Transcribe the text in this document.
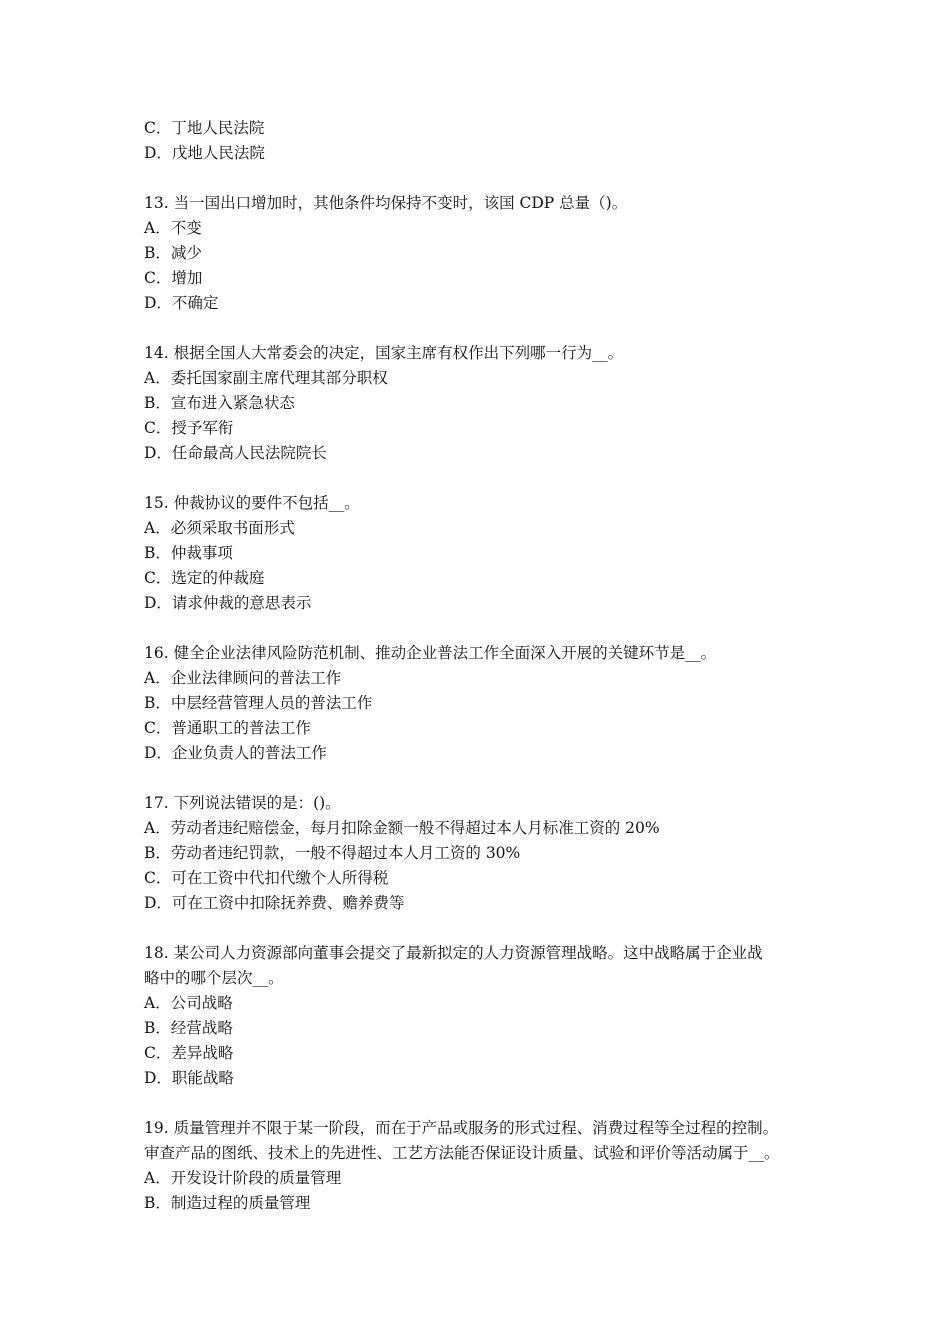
C．丁地人民法院
D．戊地人民法院
13. 当一国出口增加时，其他条件均保持不变时，该国 CDP 总量（)。
A．不变
B．减少
C．增加
D．不确定
14. 根据全国人大常委会的决定，国家主席有权作出下列哪一行为__。
A．委托国家副主席代理其部分职权
B．宣布进入紧急状态
C．授予军衔
D．任命最高人民法院院长
15. 仲裁协议的要件不包括__。
A．必须采取书面形式
B．仲裁事项
C．选定的仲裁庭
D．请求仲裁的意思表示
16. 健全企业法律风险防范机制、推动企业普法工作全面深入开展的关键环节是__。
A．企业法律顾问的普法工作
B．中层经营管理人员的普法工作
C．普通职工的普法工作
D．企业负责人的普法工作
17. 下列说法错误的是：()。
A．劳动者违纪赔偿金，每月扣除金额一般不得超过本人月标准工资的 20%
B．劳动者违纪罚款，一般不得超过本人月工资的 30%
C．可在工资中代扣代缴个人所得税
D．可在工资中扣除抚养费、赡养费等
18. 某公司人力资源部向董事会提交了最新拟定的人力资源管理战略。这中战略属于企业战
略中的哪个层次__。
A．公司战略
B．经营战略
C．差异战略
D．职能战略
19. 质量管理并不限于某一阶段，而在于产品或服务的形式过程、消费过程等全过程的控制。
审查产品的图纸、技术上的先进性、工艺方法能否保证设计质量、试验和评价等活动属于__。
A．开发设计阶段的质量管理
B．制造过程的质量管理
